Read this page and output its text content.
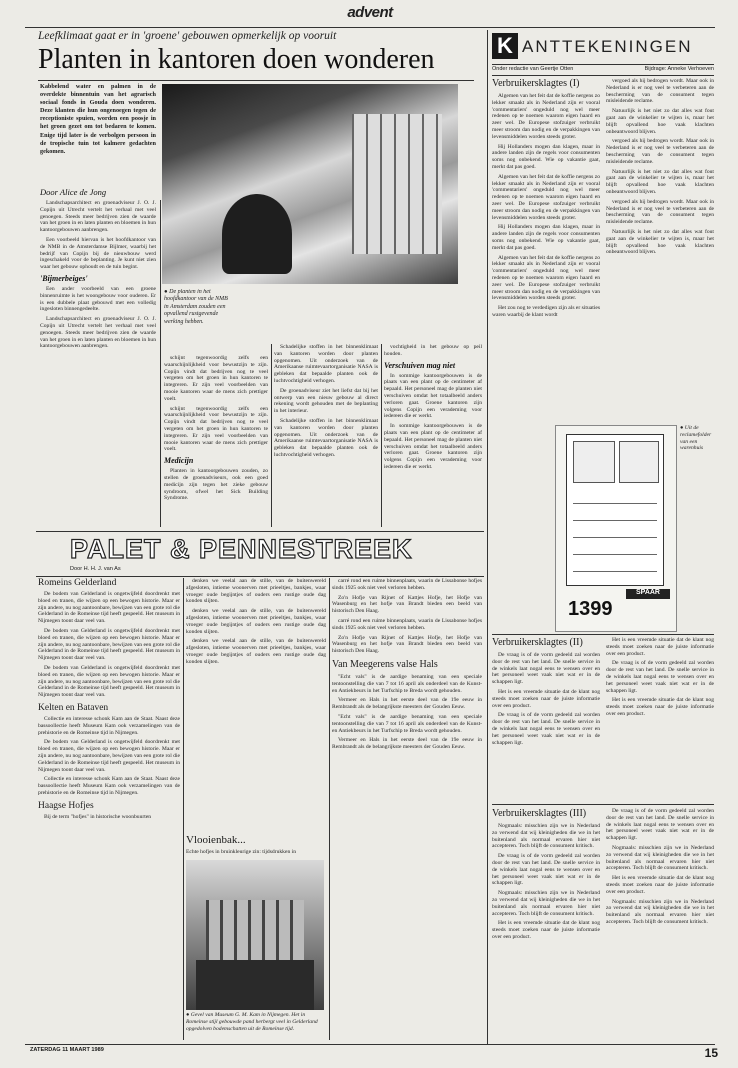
advent
Leefklimaat gaat er in 'groene' gebouwen opmerkelijk op vooruit
Planten in kantoren doen wonderen
Kabbelend water en palmen in de overdekte binnentuin van het agrarisch sociaal fonds in Gouda doen wonderen. Deze klanten die hun ongenoegen tegen de receptioniste spuien, worden een poosje in het groen gezet om tot bedaren te komen. Enige tijd later is de verbolgen persoon in de tropische tuin tot kalmere gedachten gekomen.
Door Alice de Jong

Landschapsarchitect en groenadviseur J. O. J. Copijn uit Utrecht vertelt het verhaal met veel genoegen. Steeds meer bedrijven zien de waarde van het groen in en laten planten en bloemen in hun kantoorgebouwen aanbrengen.

Een voorbeeld hiervan is het hoofdkantoor van de NMB in de Amsterdamse Bijlmer, waarbij het bedrijf van Copijn bij de nieuwbouw werd ingeschakeld voor de beplanting. Je kunt niet zien waar het gebouw ophoudt en de tuin begint.

'Bijmerbeiges'

Een ander voorbeeld van een groene binnenruimte is het woongebouw voor ouderen. Er is een dubbele plaat gebouwd met een volledig ingesloten binnengedeelte.

Landschapsarchitect en groenadviseur J. O. J. Copijn uit Utrecht vertelt het verhaal met veel genoegen. Steeds meer bedrijven zien de waarde van het groen in en laten planten en bloemen in hun kantoorgebouwen aanbrengen.

● De planten in het hoofdkantoor van de NMB in Amsterdam zouden een opvallend rustgevende werking hebben.

schijnt tegenwoordig zelfs een waarschijnlijkheid voor bewustzijn te zijn. Copijn vindt dat bedrijven nog te veel vergeten om het groen in hun kantoren te integreren. Er zijn veel voorbeelden van mooie kantoren waar de mens zich prettiger voelt.

schijnt tegenwoordig zelfs een waarschijnlijkheid voor bewustzijn te zijn. Copijn vindt dat bedrijven nog te veel vergeten om het groen in hun kantoren te integreren. Er zijn veel voorbeelden van mooie kantoren waar de mens zich prettiger voelt.

Medicijn

Planten in kantoorgebouwen zouden, zo stellen de groenadviseurs, ook een goed medicijn zijn tegen het zieke gebouw syndroom, ofwel het Sick Building Syndrome.

Schadelijke stoffen in het binnenklimaat van kantoren worden door planten opgenomen. Uit onderzoek van de Amerikaanse ruimtevaartorganisatie NASA is gebleken dat bepaalde planten ook de luchtvochtigheid verhogen.

De groenadviseur ziet het liefst dat bij het ontwerp van een nieuw gebouw al direct rekening wordt gehouden met de beplanting in het interieur.

Schadelijke stoffen in het binnenklimaat van kantoren worden door planten opgenomen. Uit onderzoek van de Amerikaanse ruimtevaartorganisatie NASA is gebleken dat bepaalde planten ook de luchtvochtigheid verhogen.

vochtigheid in het gebouw op peil houden.

Verschuiven mag niet

In sommige kantoorgebouwen is de plaats van een plant op de centimeter af bepaald. Het personeel mag de planten niet verschuiven omdat het totaalbeeld anders verloren gaat. Groene kantoren zijn volgens Copijn een verademing voor iedereen die er werkt.

In sommige kantoorgebouwen is de plaats van een plant op de centimeter af bepaald. Het personeel mag de planten niet verschuiven omdat het totaalbeeld anders verloren gaat. Groene kantoren zijn volgens Copijn een verademing voor iedereen die er werkt.

K ANTTEKENINGEN
Onder redactie van Geertje Otten	Bijdrage: Anneke Verhoeven
Verbruikersklagtes (I)

Algemen van het feit dat de koffie nergens zo lekker smaakt als in Nederland zijn er vooral 'commentariers' ongeduld nog wel meer redenen op te noemen waarom eigen haard en zeer wel. De Europese stofzuiger verbruikt meer stroom dan nodig en de verpakkingen van levensmiddelen worden steeds groter.

Hij Hollanders mogen dan klagen, maar in andere landen zijn de regels voor consumenten soms nog onbekend. Wie op vakantie gaat, merkt dat pas goed.

Algemen van het feit dat de koffie nergens zo lekker smaakt als in Nederland zijn er vooral 'commentariers' ongeduld nog wel meer redenen op te noemen waarom eigen haard en zeer wel. De Europese stofzuiger verbruikt meer stroom dan nodig en de verpakkingen van levensmiddelen worden steeds groter.

Hij Hollanders mogen dan klagen, maar in andere landen zijn de regels voor consumenten soms nog onbekend. Wie op vakantie gaat, merkt dat pas goed.

Algemen van het feit dat de koffie nergens zo lekker smaakt als in Nederland zijn er vooral 'commentariers' ongeduld nog wel meer redenen op te noemen waarom eigen haard en zeer wel. De Europese stofzuiger verbruikt meer stroom dan nodig en de verpakkingen van levensmiddelen worden steeds groter.

Het zou nog te verdedigen zijn als er situaties waren waarbij de klant wordt

vergoed als hij bedrogen wordt. Maar ook in Nederland is er nog veel te verbeteren aan de bescherming van de consument tegen misleidende reclame.

Natuurlijk is het niet zo dat alles wat fout gaat aan de winkelier te wijten is, maar het blijft opvallend hoe vaak klachten onbeantwoord blijven.

vergoed als hij bedrogen wordt. Maar ook in Nederland is er nog veel te verbeteren aan de bescherming van de consument tegen misleidende reclame.

Natuurlijk is het niet zo dat alles wat fout gaat aan de winkelier te wijten is, maar het blijft opvallend hoe vaak klachten onbeantwoord blijven.

vergoed als hij bedrogen wordt. Maar ook in Nederland is er nog veel te verbeteren aan de bescherming van de consument tegen misleidende reclame.

Natuurlijk is het niet zo dat alles wat fout gaat aan de winkelier te wijten is, maar het blijft opvallend hoe vaak klachten onbeantwoord blijven.

SPAAR
1399
● Uit de reclamefolder van een warenhuis
Verbruikersklagtes (II)

De vraag is of de vorm gedeeld zal worden door de rest van het land. De snelle service in de winkels laat nogal eens te wensen over en het personeel weet vaak niet wat er in de schappen ligt.

Het is een vreemde situatie dat de klant nog steeds moet zoeken naar de juiste informatie over een product.

De vraag is of de vorm gedeeld zal worden door de rest van het land. De snelle service in de winkels laat nogal eens te wensen over en het personeel weet vaak niet wat er in de schappen ligt.

Het is een vreemde situatie dat de klant nog steeds moet zoeken naar de juiste informatie over een product.

De vraag is of de vorm gedeeld zal worden door de rest van het land. De snelle service in de winkels laat nogal eens te wensen over en het personeel weet vaak niet wat er in de schappen ligt.

Het is een vreemde situatie dat de klant nog steeds moet zoeken naar de juiste informatie over een product.

Verbruikersklagtes (III)

Nogmaals: misschien zijn we in Nederland zo verwend dat wij kleinigheden die we in het buitenland als normaal ervaren hier niet accepteren. Toch blijft de consument kritisch.

De vraag is of de vorm gedeeld zal worden door de rest van het land. De snelle service in de winkels laat nogal eens te wensen over en het personeel weet vaak niet wat er in de schappen ligt.

Nogmaals: misschien zijn we in Nederland zo verwend dat wij kleinigheden die we in het buitenland als normaal ervaren hier niet accepteren. Toch blijft de consument kritisch.

Het is een vreemde situatie dat de klant nog steeds moet zoeken naar de juiste informatie over een product.

De vraag is of de vorm gedeeld zal worden door de rest van het land. De snelle service in de winkels laat nogal eens te wensen over en het personeel weet vaak niet wat er in de schappen ligt.

Nogmaals: misschien zijn we in Nederland zo verwend dat wij kleinigheden die we in het buitenland als normaal ervaren hier niet accepteren. Toch blijft de consument kritisch.

Het is een vreemde situatie dat de klant nog steeds moet zoeken naar de juiste informatie over een product.

Nogmaals: misschien zijn we in Nederland zo verwend dat wij kleinigheden die we in het buitenland als normaal ervaren hier niet accepteren. Toch blijft de consument kritisch.

PALET & PENNESTREEK
Door H. H. J. van As
Romeins Gelderland

De bodem van Gelderland is ongetwijfeld doordrenkt met bloed en tranen, die wijzen op een bewogen historie. Maar er zijn andere, nu nog aantoonbare, bewijzen van een grote rol die Gelderland in de Romeinse tijd heeft gespeeld. Het museum in Nijmegen toont daar veel van.

De bodem van Gelderland is ongetwijfeld doordrenkt met bloed en tranen, die wijzen op een bewogen historie. Maar er zijn andere, nu nog aantoonbare, bewijzen van een grote rol die Gelderland in de Romeinse tijd heeft gespeeld. Het museum in Nijmegen toont daar veel van.

De bodem van Gelderland is ongetwijfeld doordrenkt met bloed en tranen, die wijzen op een bewogen historie. Maar er zijn andere, nu nog aantoonbare, bewijzen van een grote rol die Gelderland in de Romeinse tijd heeft gespeeld. Het museum in Nijmegen toont daar veel van.

Kelten en Bataven

Collectie en interesse schonk Kam aan de Staat. Naast deze bassoollectie heeft Museum Kam ook verzamelingen van de prehistorie en de Romeinse tijd in Nijmegen.

De bodem van Gelderland is ongetwijfeld doordrenkt met bloed en tranen, die wijzen op een bewogen historie. Maar er zijn andere, nu nog aantoonbare, bewijzen van een grote rol die Gelderland in de Romeinse tijd heeft gespeeld. Het museum in Nijmegen toont daar veel van.

Collectie en interesse schonk Kam aan de Staat. Naast deze bassoollectie heeft Museum Kam ook verzamelingen van de prehistorie en de Romeinse tijd in Nijmegen.

Haagse Hofjes

Bij de term "hofjes" in historische woonbuurten

denken we veelal aan de stille, van de buitenwereld afgesloten, intieme woonerven met prieeltjes, bankjes, waar vroeger oude begijntjes of ouders een rustige oude dag konden slijten.

denken we veelal aan de stille, van de buitenwereld afgesloten, intieme woonerven met prieeltjes, bankjes, waar vroeger oude begijntjes of ouders een rustige oude dag konden slijten.

denken we veelal aan de stille, van de buitenwereld afgesloten, intieme woonerven met prieeltjes, bankjes, waar vroeger oude begijntjes of ouders een rustige oude dag konden slijten.

Vlooienbak...
Echte hofjes in bruinkleurige zin: tijdsdrukken in
● Gevel van Museum G. M. Kam in Nijmegen. Het in Romeinse stijl gebouwde pand herbergt veel in Gelderland opgedolven bodemschatten uit de Romeinse tijd.

carré rond een ruime binnenplaats, waarin de Lissabonse hofjes sinds 1925 ook niet veel verloren hebben.

Zo'n Hofje van Rijnet of Kattjes Hofje, het Hofje van Wasenburg en het hofje van Brandt bieden een beeld van historisch Den Haag.

carré rond een ruime binnenplaats, waarin de Lissabonse hofjes sinds 1925 ook niet veel verloren hebben.

Zo'n Hofje van Rijnet of Kattjes Hofje, het Hofje van Wasenburg en het hofje van Brandt bieden een beeld van historisch Den Haag.

Van Meegerens valse Hals

"Echt vals" is de aardige benaming van een speciale tentoonstelling die van 7 tot 16 april als onderdeel van de Kunst- en Antiekbeurs in het Turfschip te Breda wordt gehouden.

Vermeer en Hals in het eerste deel van de 19e eeuw in Rembrandt als de belangrijkste meesters der Gouden Eeuw.

"Echt vals" is de aardige benaming van een speciale tentoonstelling die van 7 tot 16 april als onderdeel van de Kunst- en Antiekbeurs in het Turfschip te Breda wordt gehouden.

Vermeer en Hals in het eerste deel van de 19e eeuw in Rembrandt als de belangrijkste meesters der Gouden Eeuw.

ZATERDAG 11 MAART 1989	15
